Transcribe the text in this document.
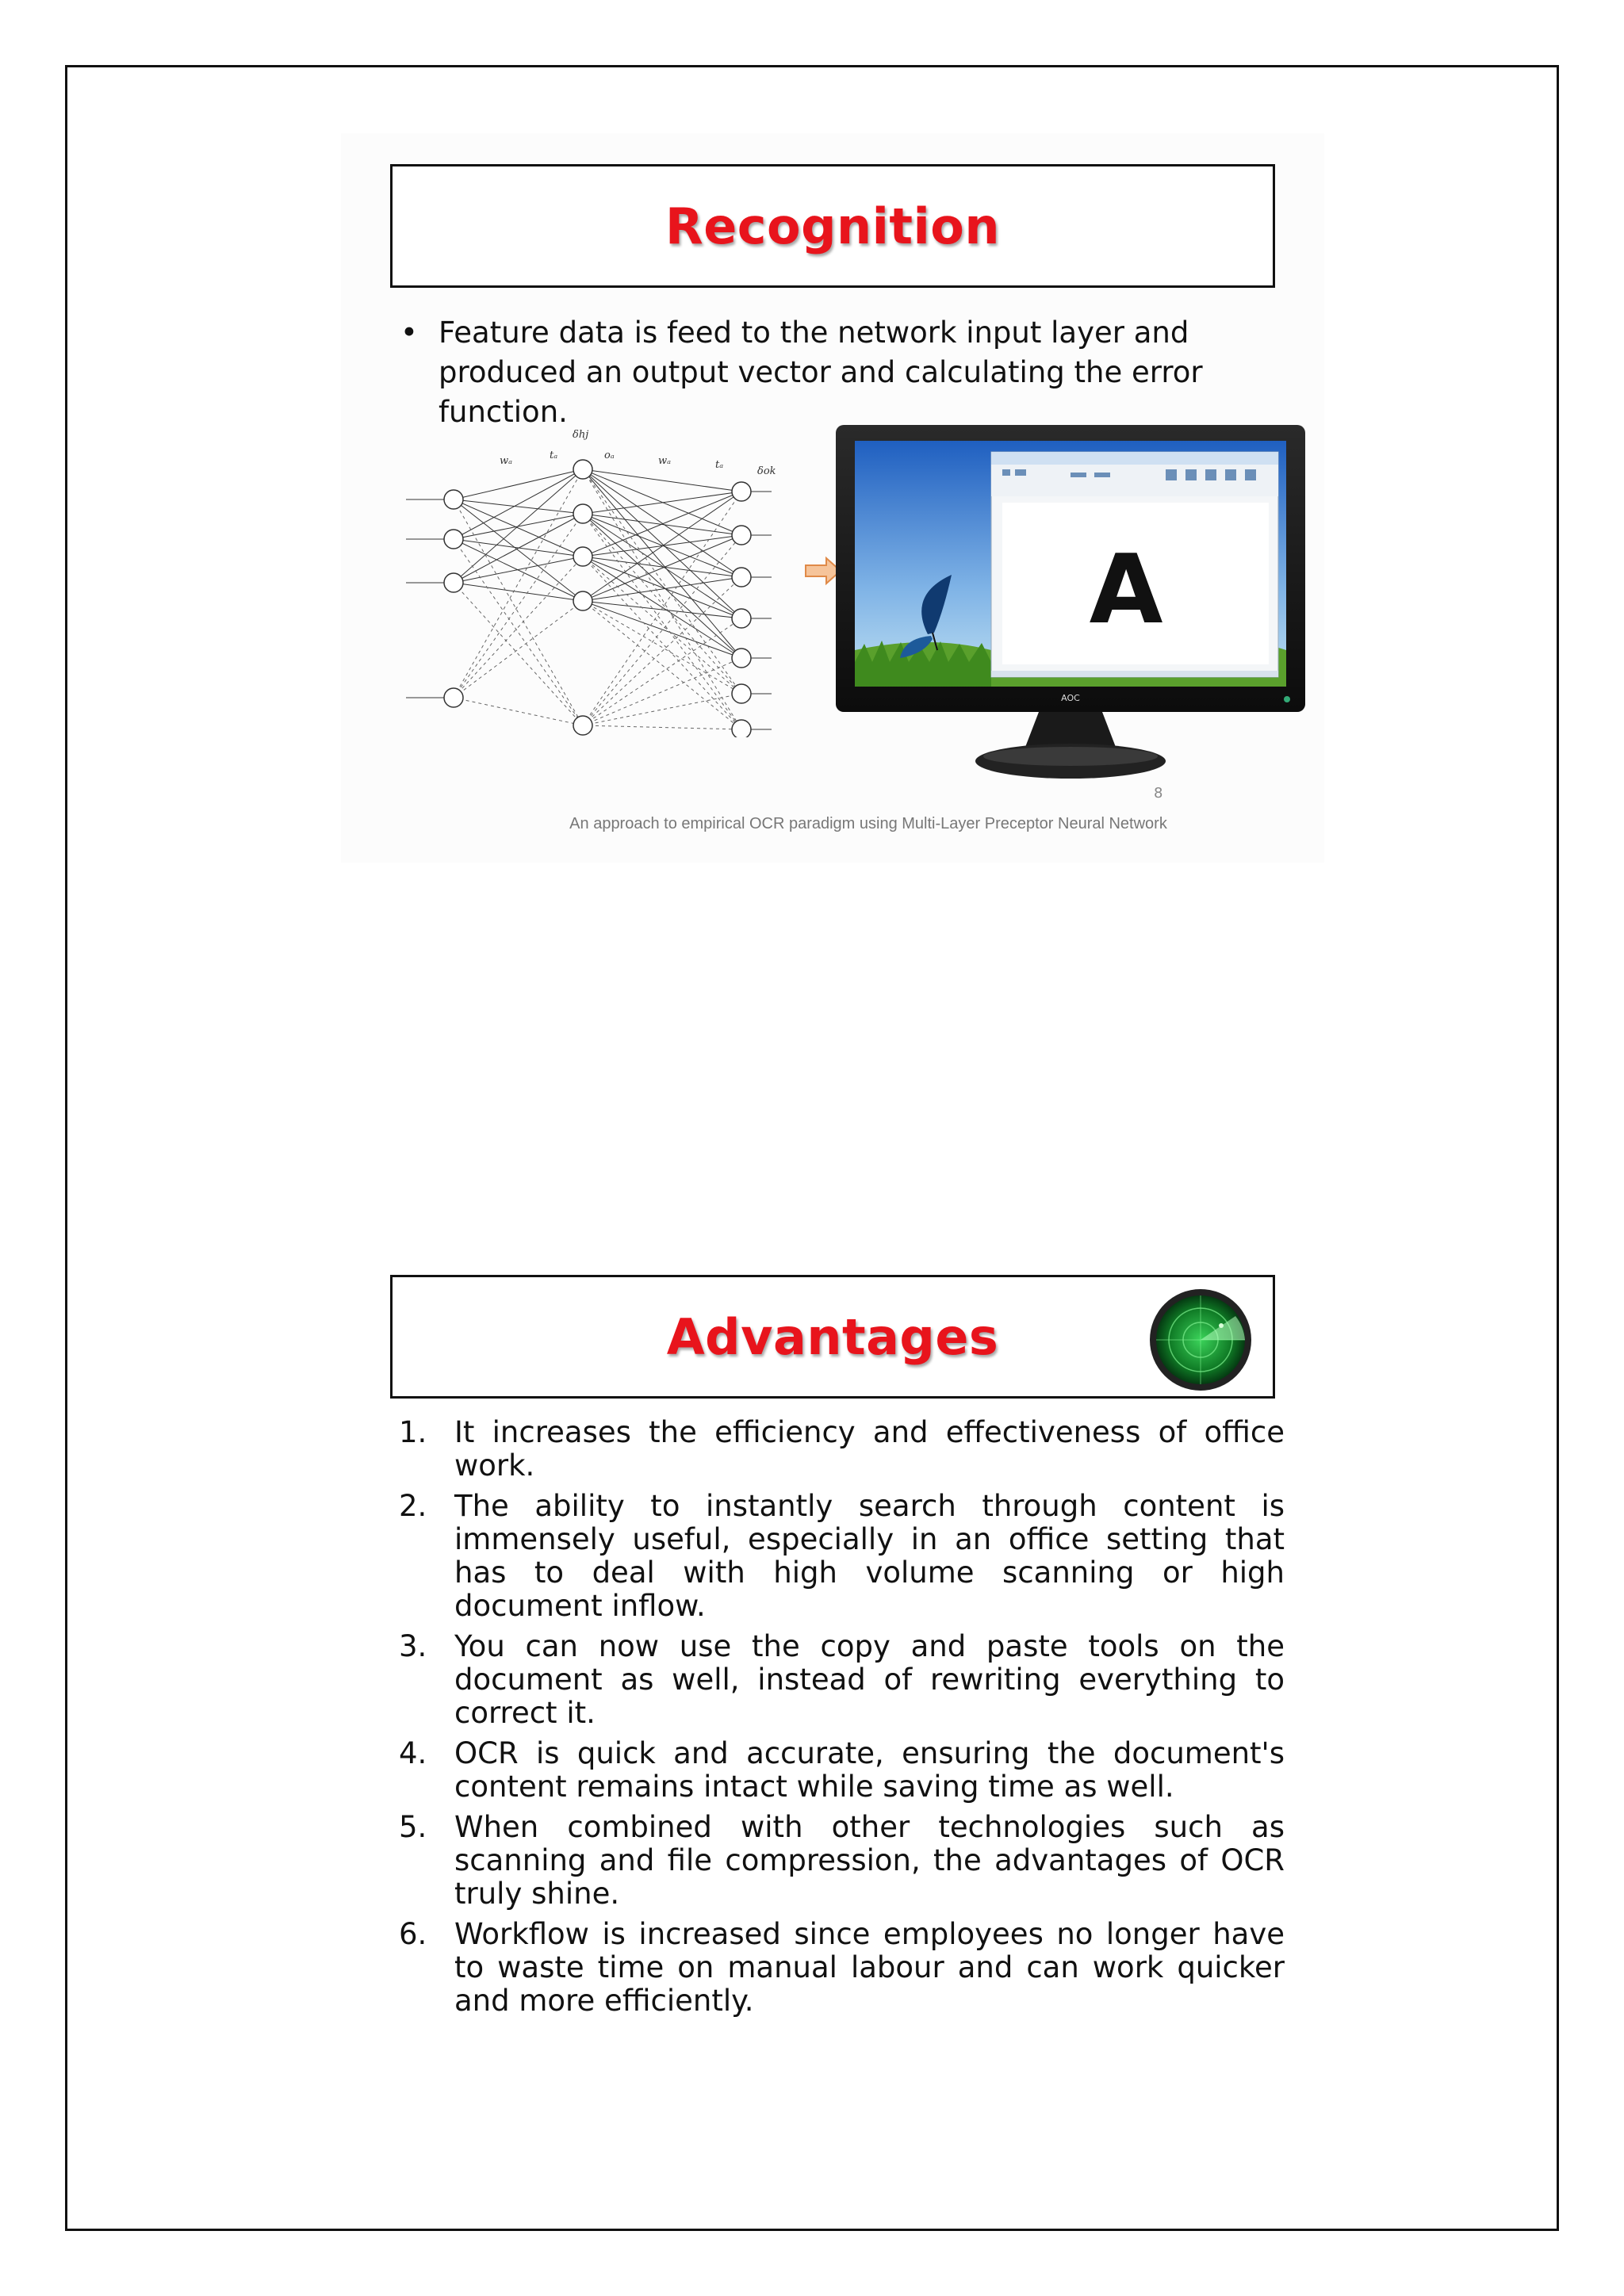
Recognition
• Feature data is feed to the network input layer and produced an output vector and calculating the error function.
δhj
wₐ	tₐ	oₐ	wₐ	tₐ
δok
A
AOC
8
An approach to empirical OCR paradigm using Multi-Layer Preceptor Neural Network
Advantages
1. It increases the efficiency and effectiveness of office work.
2. The ability to instantly search through content is immensely useful, especially in an office setting that has to deal with high volume scanning or high document inflow.
3. You can now use the copy and paste tools on the document as well, instead of rewriting everything to correct it.
4. OCR is quick and accurate, ensuring the document's content remains intact while saving time as well.
5. When combined with other technologies such as scanning and file compression, the advantages of OCR truly shine.
6. Workflow is increased since employees no longer have to waste time on manual labour and can work quicker and more efficiently.
